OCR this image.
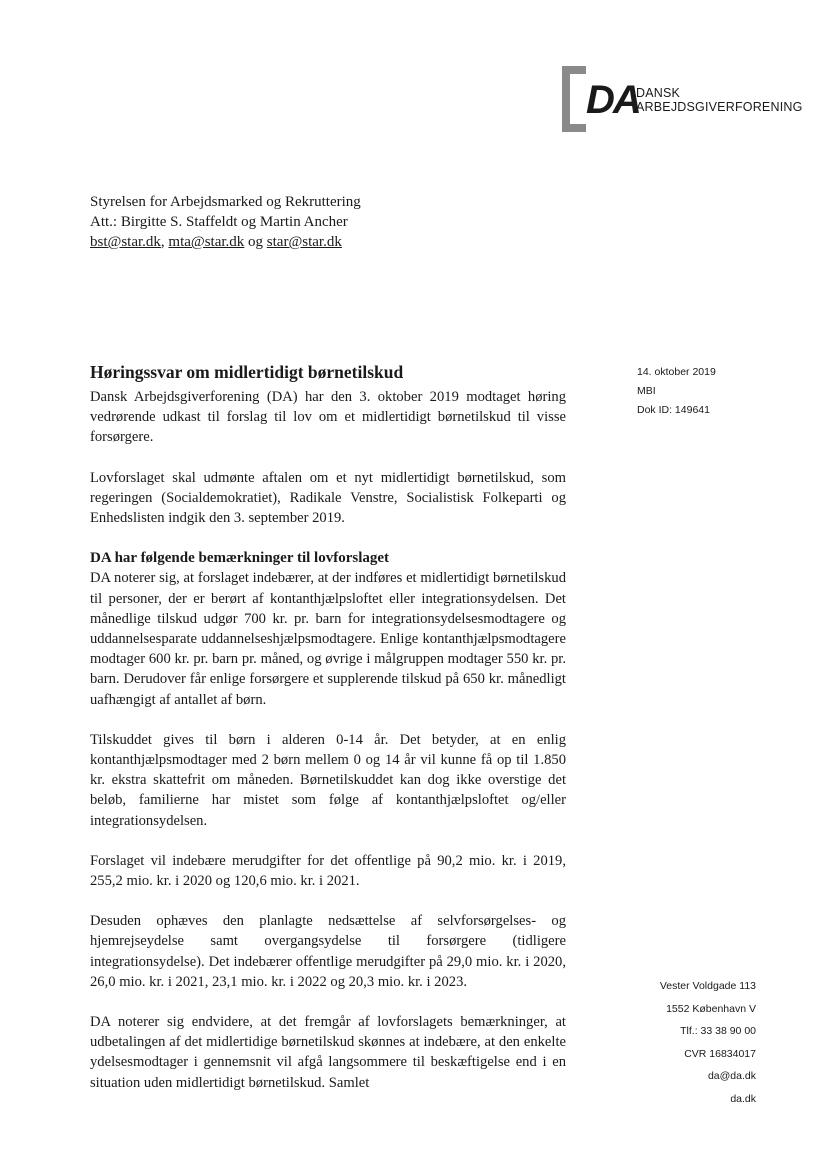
DA
DANSK
ARBEJDSGIVERFORENING
Styrelsen for Arbejdsmarked og Rekruttering
Att.: Birgitte S. Staffeldt og Martin Ancher
bst@star.dk, mta@star.dk og star@star.dk
Høringssvar om midlertidigt børnetilskud	14. oktober 2019
MBI
Dok ID: 149641

Dansk Arbejdsgiverforening (DA) har den 3. oktober 2019 modtaget høring vedrørende udkast til forslag til lov om et midlertidigt børnetilskud til visse forsørgere.

Lovforslaget skal udmønte aftalen om et nyt midlertidigt børnetilskud, som regeringen (Socialdemokratiet), Radikale Venstre, Socialistisk Folkeparti og Enhedslisten indgik den 3. september 2019.

DA har følgende bemærkninger til lovforslaget

DA noterer sig, at forslaget indebærer, at der indføres et midlertidigt børnetilskud til personer, der er berørt af kontanthjælpsloftet eller integrationsydelsen. Det månedlige tilskud udgør 700 kr. pr. barn for integrationsydelsesmodtagere og uddannelsesparate uddannelseshjælpsmodtagere. Enlige kontanthjælpsmodtagere modtager 600 kr. pr. barn pr. måned, og øvrige i målgruppen modtager 550 kr. pr. barn. Derudover får enlige forsørgere et supplerende tilskud på 650 kr. månedligt uafhængigt af antallet af børn.

Tilskuddet gives til børn i alderen 0-14 år. Det betyder, at en enlig kontanthjælpsmodtager med 2 børn mellem 0 og 14 år vil kunne få op til 1.850 kr. ekstra skattefrit om måneden. Børnetilskuddet kan dog ikke overstige det beløb, familierne har mistet som følge af kontanthjælpsloftet og/eller integrationsydelsen.

Forslaget vil indebære merudgifter for det offentlige på 90,2 mio. kr. i 2019, 255,2 mio. kr. i 2020 og 120,6 mio. kr. i 2021.

Desuden ophæves den planlagte nedsættelse af selvforsørgelses- og hjemrejseydelse samt overgangsydelse til forsørgere (tidligere integrationsydelse). Det indebærer offentlige merudgifter på 29,0 mio. kr. i 2020, 26,0 mio. kr. i 2021, 23,1 mio. kr. i 2022 og 20,3 mio. kr. i 2023.

DA noterer sig endvidere, at det fremgår af lovforslagets bemærkninger, at udbetalingen af det midlertidige børnetilskud skønnes at indebære, at den enkelte ydelsesmodtager i gennemsnit vil afgå langsommere til beskæftigelse end i en situation uden midlertidigt børnetilskud. Samlet

Vester Voldgade 113
1552 København V
Tlf.: 33 38 90 00
CVR 16834017
da@da.dk
da.dk
